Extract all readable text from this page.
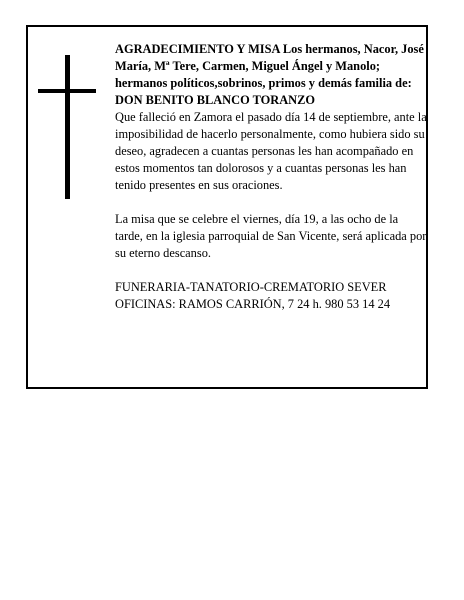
AGRADECIMIENTO Y MISA Los hermanos, Nacor, José María, Mª Tere, Carmen, Miguel Ángel y Manolo; hermanos políticos,sobrinos, primos y demás familia de:

DON BENITO BLANCO TORANZO

Que falleció en Zamora el pasado día 14 de septiembre, ante la imposibilidad de hacerlo personalmente, como hubiera sido su deseo, agradecen a cuantas personas les han acompañado en estos momentos tan dolorosos y a cuantas personas les han tenido presentes en sus oraciones.

La misa que se celebre el viernes, día 19, a las ocho de la tarde, en la iglesia parroquial de San Vicente, será aplicada por su eterno descanso.

FUNERARIA-TANATORIO-CREMATORIO SEVER

OFICINAS: RAMOS CARRIÓN, 7 24 h. 980 53 14 24
